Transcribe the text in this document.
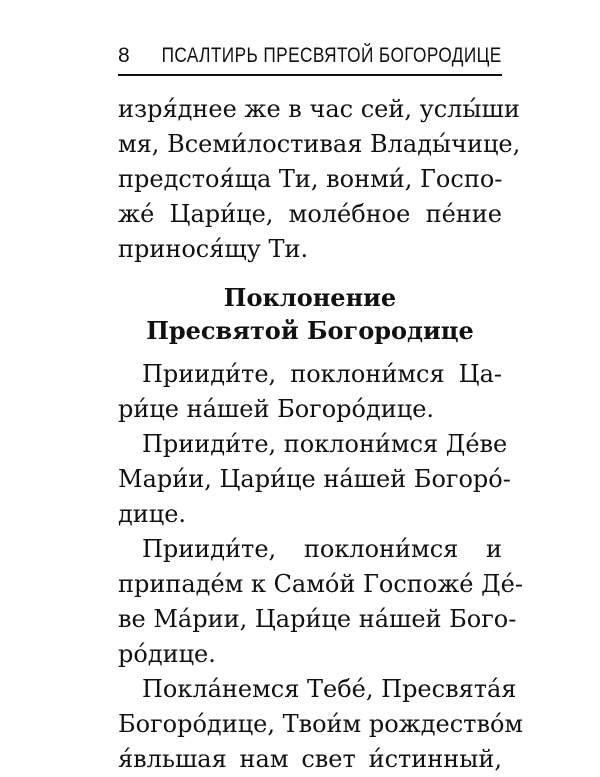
8 ПСАЛТИРЬ ПРЕСВЯТОЙ БОГОРОДИЦЕ
изря́днее же в час сей, услы́ши
мя, Всеми́лостивая Влады́чице,
предстоя́ща Ти, вонми́, Госпо-
же́ Цари́це, моле́бное пе́ние
принося́щу Ти.
Поклонение
Пресвятой Богородице
Прииди́те, поклони́мся Ца-
ри́це на́шей Богоро́дице.
Прииди́те, поклони́мся Де́ве
Мари́и, Цари́це на́шей Богоро́-
дице.
Прииди́те, поклони́мся и
припаде́м к Само́й Госпоже́ Де́-
ве Ма́рии, Цари́це на́шей Бого-
ро́дице.
Покла́немся Тебе́, Пресвята́я
Богоро́дице, Твои́м рождество́м
я́вльшая нам свет и́стинный,
